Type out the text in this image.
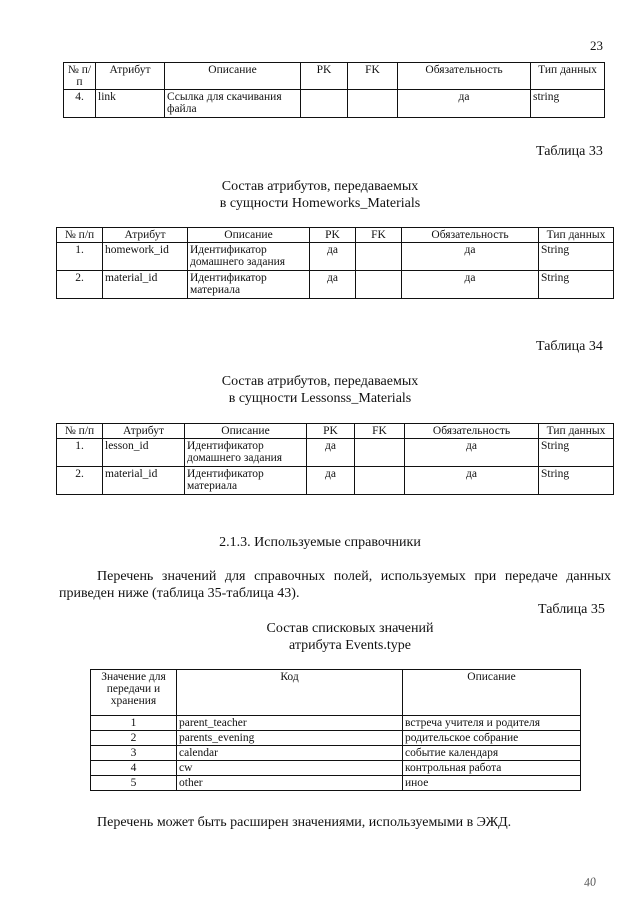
23
№ п/п	Атрибут	Описание	PK	FK	Обязательность	Тип данных
4.	link	Ссылка для скачивания файла			да	string
Таблица 33
Состав атрибутов, передаваемых
в сущности Homeworks_Materials
№ п/п	Атрибут	Описание	PK	FK	Обязательность	Тип данных
1.	homework_id	Идентификатор домашнего задания	да		да	String
2.	material_id	Идентификатор материала	да		да	String
Таблица 34
Состав атрибутов, передаваемых
в сущности Lessonss_Materials
№ п/п	Атрибут	Описание	PK	FK	Обязательность	Тип данных
1.	lesson_id	Идентификатор домашнего задания	да		да	String
2.	material_id	Идентификатор материала	да		да	String
2.1.3. Используемые справочники
Перечень значений для справочных полей, используемых при передаче данных приведен ниже (таблица 35-таблица 43).
Таблица 35
Состав списковых значений
атрибута Events.type
Значение для передачи и хранения	Код	Описание
1	parent_teacher	встреча учителя и родителя
2	parents_evening	родительское собрание
3	calendar	событие календаря
4	cw	контрольная работа
5	other	иное
Перечень может быть расширен значениями, используемыми в ЭЖД.
40
